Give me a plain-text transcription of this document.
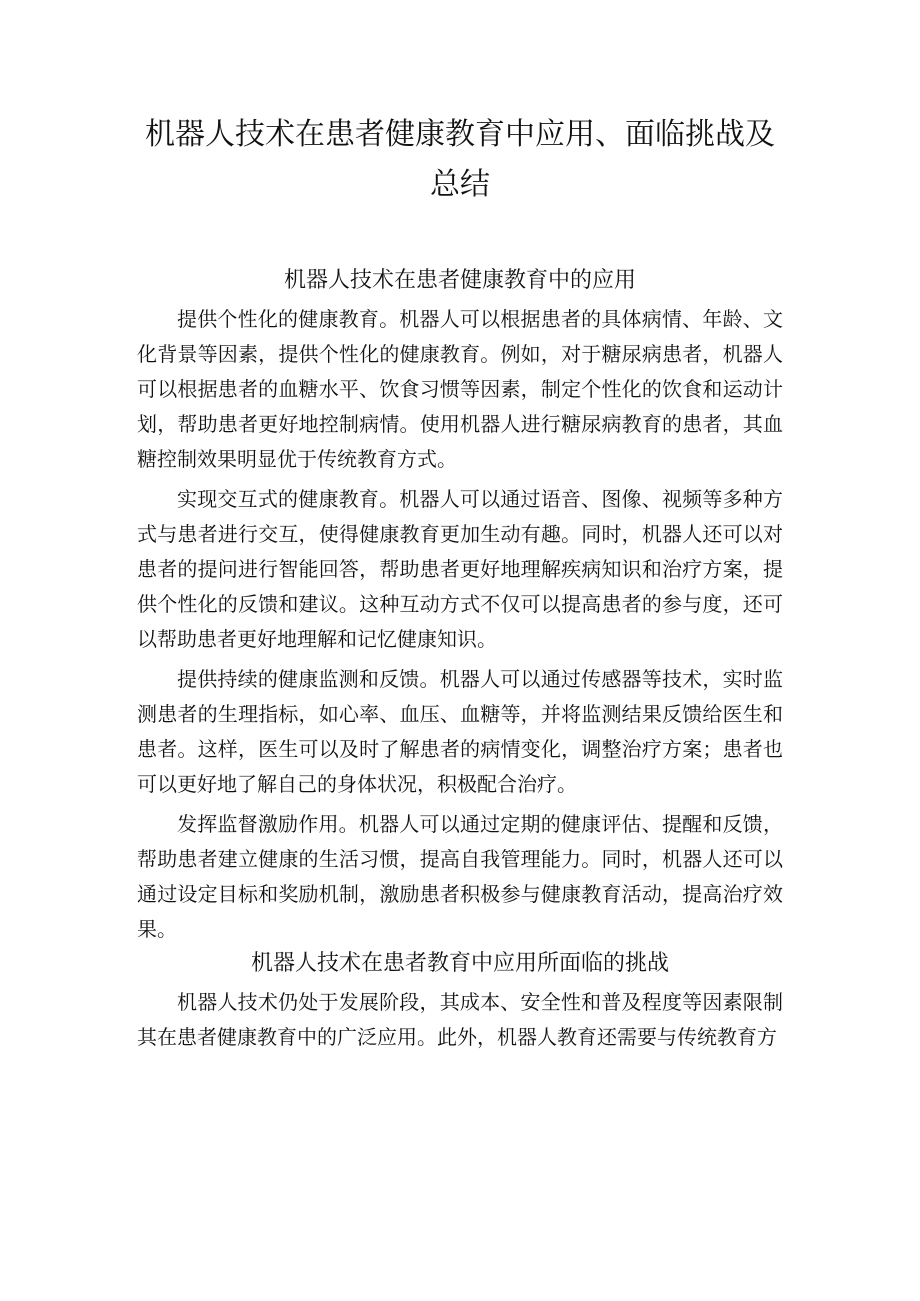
机器人技术在患者健康教育中应用、面临挑战及总结
机器人技术在患者健康教育中的应用

提供个性化的健康教育。机器人可以根据患者的具体病情、年龄、文化背景等因素，提供个性化的健康教育。例如，对于糖尿病患者，机器人可以根据患者的血糖水平、饮食习惯等因素，制定个性化的饮食和运动计划，帮助患者更好地控制病情。使用机器人进行糖尿病教育的患者，其血糖控制效果明显优于传统教育方式。

实现交互式的健康教育。机器人可以通过语音、图像、视频等多种方式与患者进行交互，使得健康教育更加生动有趣。同时，机器人还可以对患者的提问进行智能回答，帮助患者更好地理解疾病知识和治疗方案，提供个性化的反馈和建议。这种互动方式不仅可以提高患者的参与度，还可以帮助患者更好地理解和记忆健康知识。

提供持续的健康监测和反馈。机器人可以通过传感器等技术，实时监测患者的生理指标，如心率、血压、血糖等，并将监测结果反馈给医生和患者。这样，医生可以及时了解患者的病情变化，调整治疗方案；患者也可以更好地了解自己的身体状况，积极配合治疗。

发挥监督激励作用。机器人可以通过定期的健康评估、提醒和反馈，帮助患者建立健康的生活习惯，提高自我管理能力。同时，机器人还可以通过设定目标和奖励机制，激励患者积极参与健康教育活动，提高治疗效果。

机器人技术在患者教育中应用所面临的挑战

机器人技术仍处于发展阶段，其成本、安全性和普及程度等因素限制其在患者健康教育中的广泛应用。此外，机器人教育还需要与传统教育方
